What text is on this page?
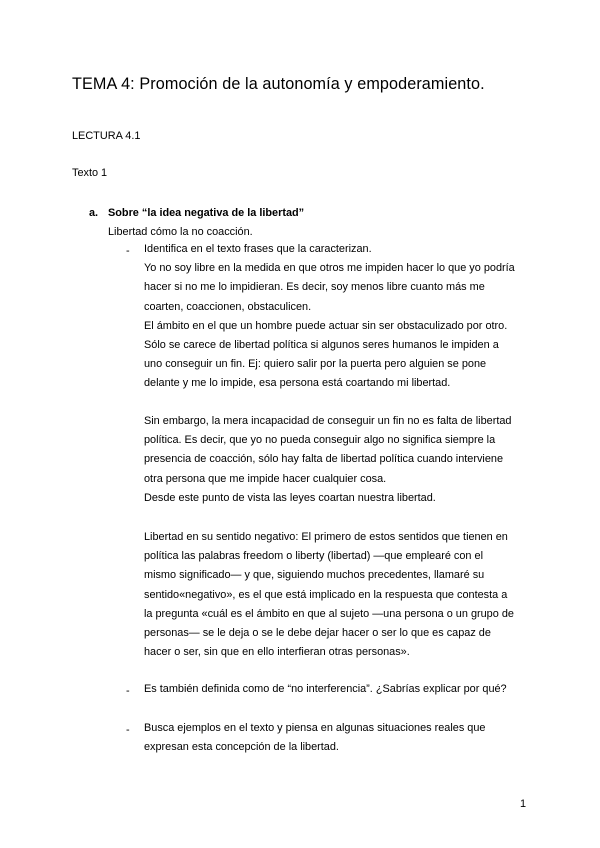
TEMA 4: Promoción de la autonomía y empoderamiento.
LECTURA 4.1
Texto 1
a. Sobre “la idea negativa de la libertad”
Libertad cómo la no coacción.
- Identifica en el texto frases que la caracterizan.
Yo no soy libre en la medida en que otros me impiden hacer lo que yo podría
hacer si no me lo impidieran. Es decir, soy menos libre cuanto más me
coarten, coaccionen, obstaculicen.
El ámbito en el que un hombre puede actuar sin ser obstaculizado por otro.
Sólo se carece de libertad política si algunos seres humanos le impiden a
uno conseguir un fin. Ej: quiero salir por la puerta pero alguien se pone
delante y me lo impide, esa persona está coartando mi libertad.
Sin embargo, la mera incapacidad de conseguir un fin no es falta de libertad
política. Es decir, que yo no pueda conseguir algo no significa siempre la
presencia de coacción, sólo hay falta de libertad política cuando interviene
otra persona que me impide hacer cualquier cosa.
Desde este punto de vista las leyes coartan nuestra libertad.
Libertad en su sentido negativo: El primero de estos sentidos que tienen en
política las palabras freedom o liberty (libertad) —que emplearé con el
mismo significado— y que, siguiendo muchos precedentes, llamaré su
sentido«negativo», es el que está implicado en la respuesta que contesta a
la pregunta «cuál es el ámbito en que al sujeto —una persona o un grupo de
personas— se le deja o se le debe dejar hacer o ser lo que es capaz de
hacer o ser, sin que en ello interfieran otras personas».
- Es también definida como de “no interferencia”. ¿Sabrías explicar por qué?
- Busca ejemplos en el texto y piensa en algunas situaciones reales que
expresan esta concepción de la libertad.
1
